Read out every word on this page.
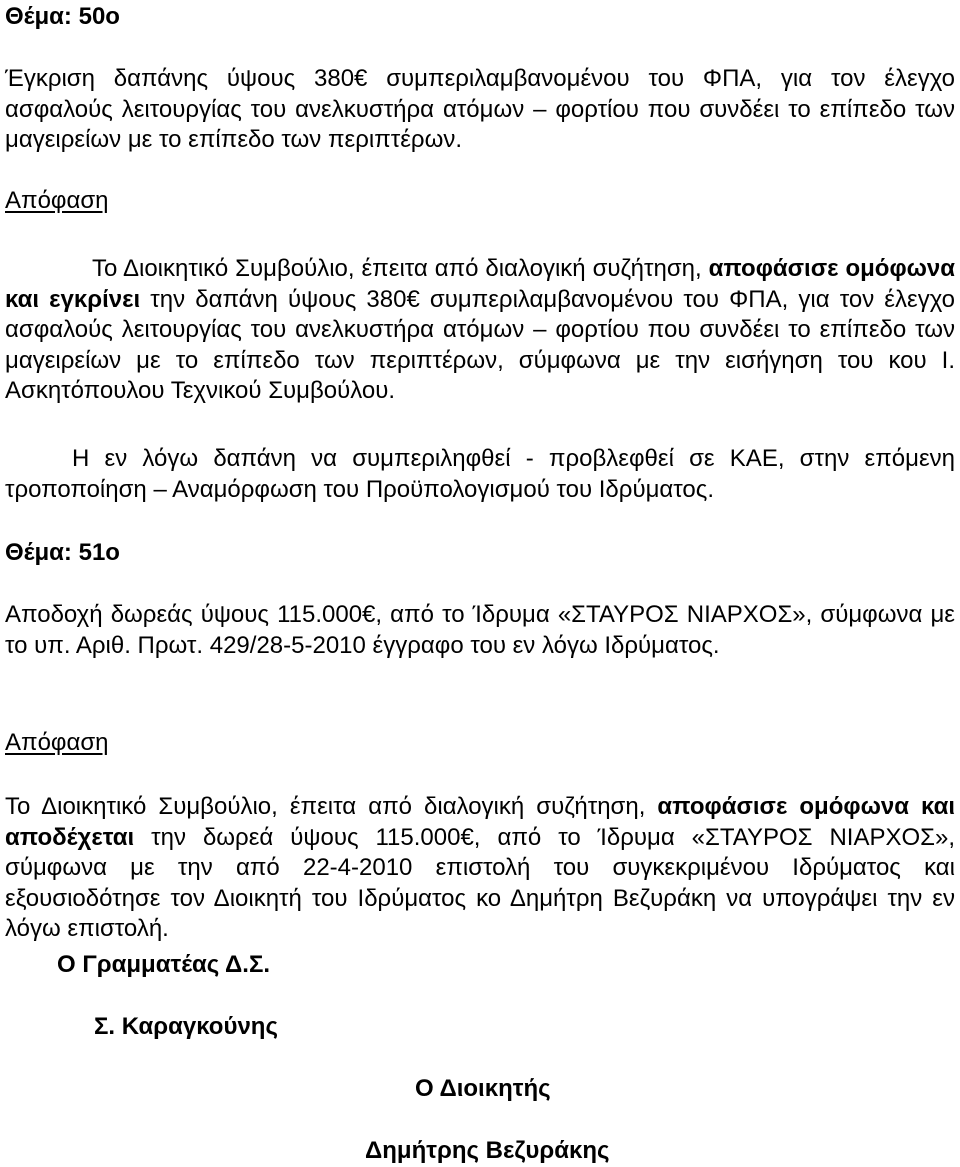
Θέμα: 50ο

Έγκριση δαπάνης ύψους 380€ συμπεριλαμβανομένου του ΦΠΑ, για τον έλεγχο ασφαλούς λειτουργίας του ανελκυστήρα ατόμων – φορτίου που συνδέει το επίπεδο των μαγειρείων με το επίπεδο των περιπτέρων.

Απόφαση

Το Διοικητικό Συμβούλιο, έπειτα από διαλογική συζήτηση, αποφάσισε ομόφωνα και εγκρίνει την δαπάνη ύψους 380€ συμπεριλαμβανομένου του ΦΠΑ, για τον έλεγχο ασφαλούς λειτουργίας του ανελκυστήρα ατόμων – φορτίου που συνδέει το επίπεδο των μαγειρείων με το επίπεδο των περιπτέρων, σύμφωνα με την εισήγηση του κου Ι. Ασκητόπουλου Τεχνικού Συμβούλου.

Η εν λόγω δαπάνη να συμπεριληφθεί - προβλεφθεί σε ΚΑΕ, στην επόμενη τροποποίηση – Αναμόρφωση του Προϋπολογισμού του Ιδρύματος.

Θέμα: 51ο

Αποδοχή δωρεάς ύψους 115.000€, από το Ίδρυμα «ΣΤΑΥΡΟΣ ΝΙΑΡΧΟΣ», σύμφωνα με το υπ. Αριθ. Πρωτ. 429/28-5-2010 έγγραφο του εν λόγω Ιδρύματος.

Απόφαση

Το Διοικητικό Συμβούλιο, έπειτα από διαλογική συζήτηση, αποφάσισε ομόφωνα και αποδέχεται την δωρεά ύψους 115.000€, από το Ίδρυμα «ΣΤΑΥΡΟΣ ΝΙΑΡΧΟΣ», σύμφωνα με την από 22-4-2010 επιστολή του συγκεκριμένου Ιδρύματος και εξουσιοδότησε τον Διοικητή του Ιδρύματος κο Δημήτρη Βεζυράκη να υπογράψει την εν λόγω επιστολή.

Ο Γραμματέας Δ.Σ.
Σ. Καραγκούνης
Ο Διοικητής
Δημήτρης Βεζυράκης
